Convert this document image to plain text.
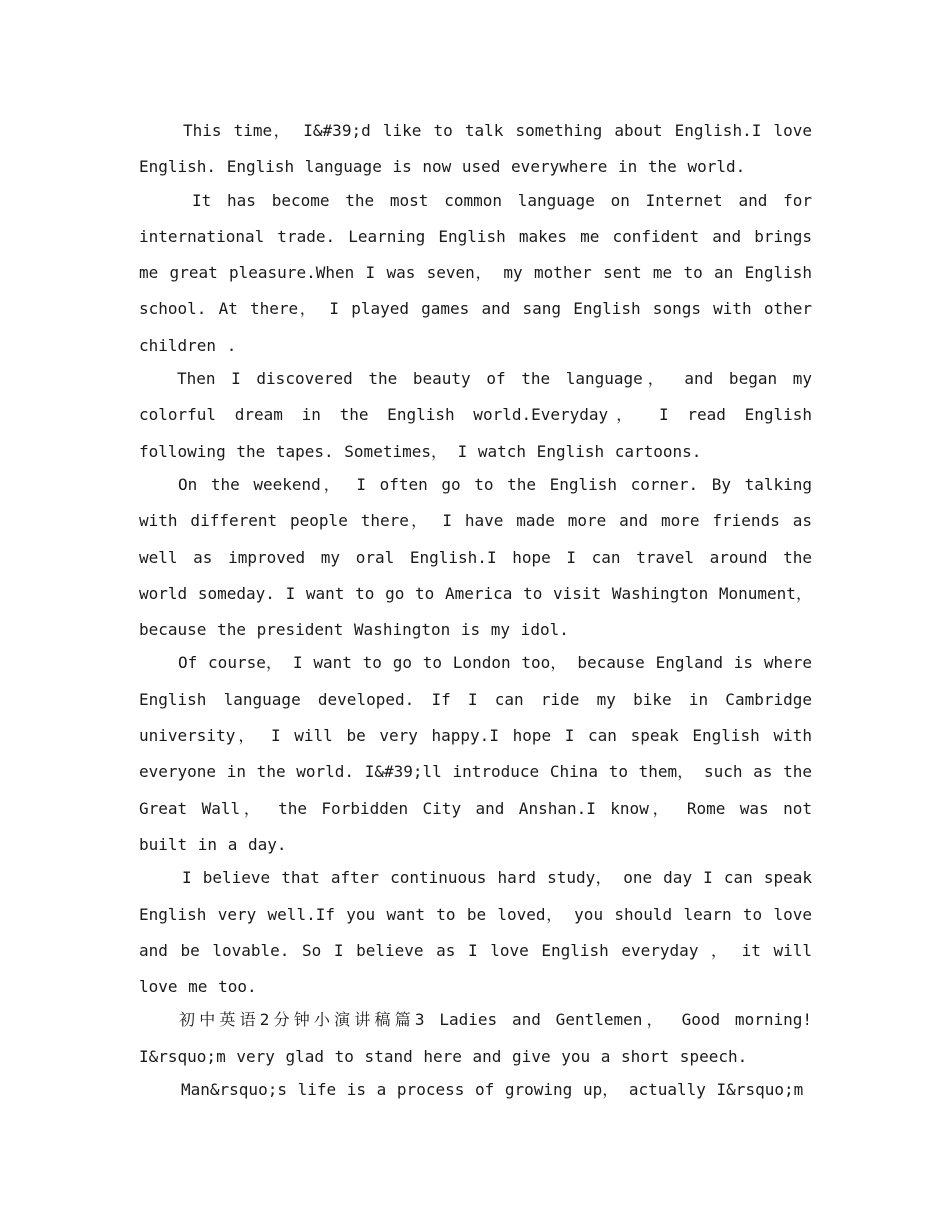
This time， I&#39;d like to talk something about English.I love English. English language is now used everywhere in the world.

It has become the most common language on Internet and for international trade. Learning English makes me confident and brings me great pleasure.When I was seven， my mother sent me to an English school. At there， I played games and sang English songs with other children .

Then I discovered the beauty of the language， and began my colorful dream in the English world.Everyday， I read English following the tapes. Sometimes， I watch English cartoons.

On the weekend， I often go to the English corner. By talking with different people there， I have made more and more friends as well as improved my oral English.I hope I can travel around the world someday. I want to go to America to visit Washington Monument， because the president Washington is my idol.

Of course， I want to go to London too， because England is where English language developed. If I can ride my bike in Cambridge university， I will be very happy.I hope I can speak English with everyone in the world. I&#39;ll introduce China to them， such as the Great Wall， the Forbidden City and Anshan.I know， Rome was not built in a day.

I believe that after continuous hard study， one day I can speak English very well.If you want to be loved， you should learn to love and be lovable. So I believe as I love English everyday ， it will love me too.

初中英语2分钟小演讲稿篇3 Ladies and Gentlemen， Good morning! I&rsquo;m very glad to stand here and give you a short speech.

Man&rsquo;s life is a process of growing up， actually I&rsquo;m
